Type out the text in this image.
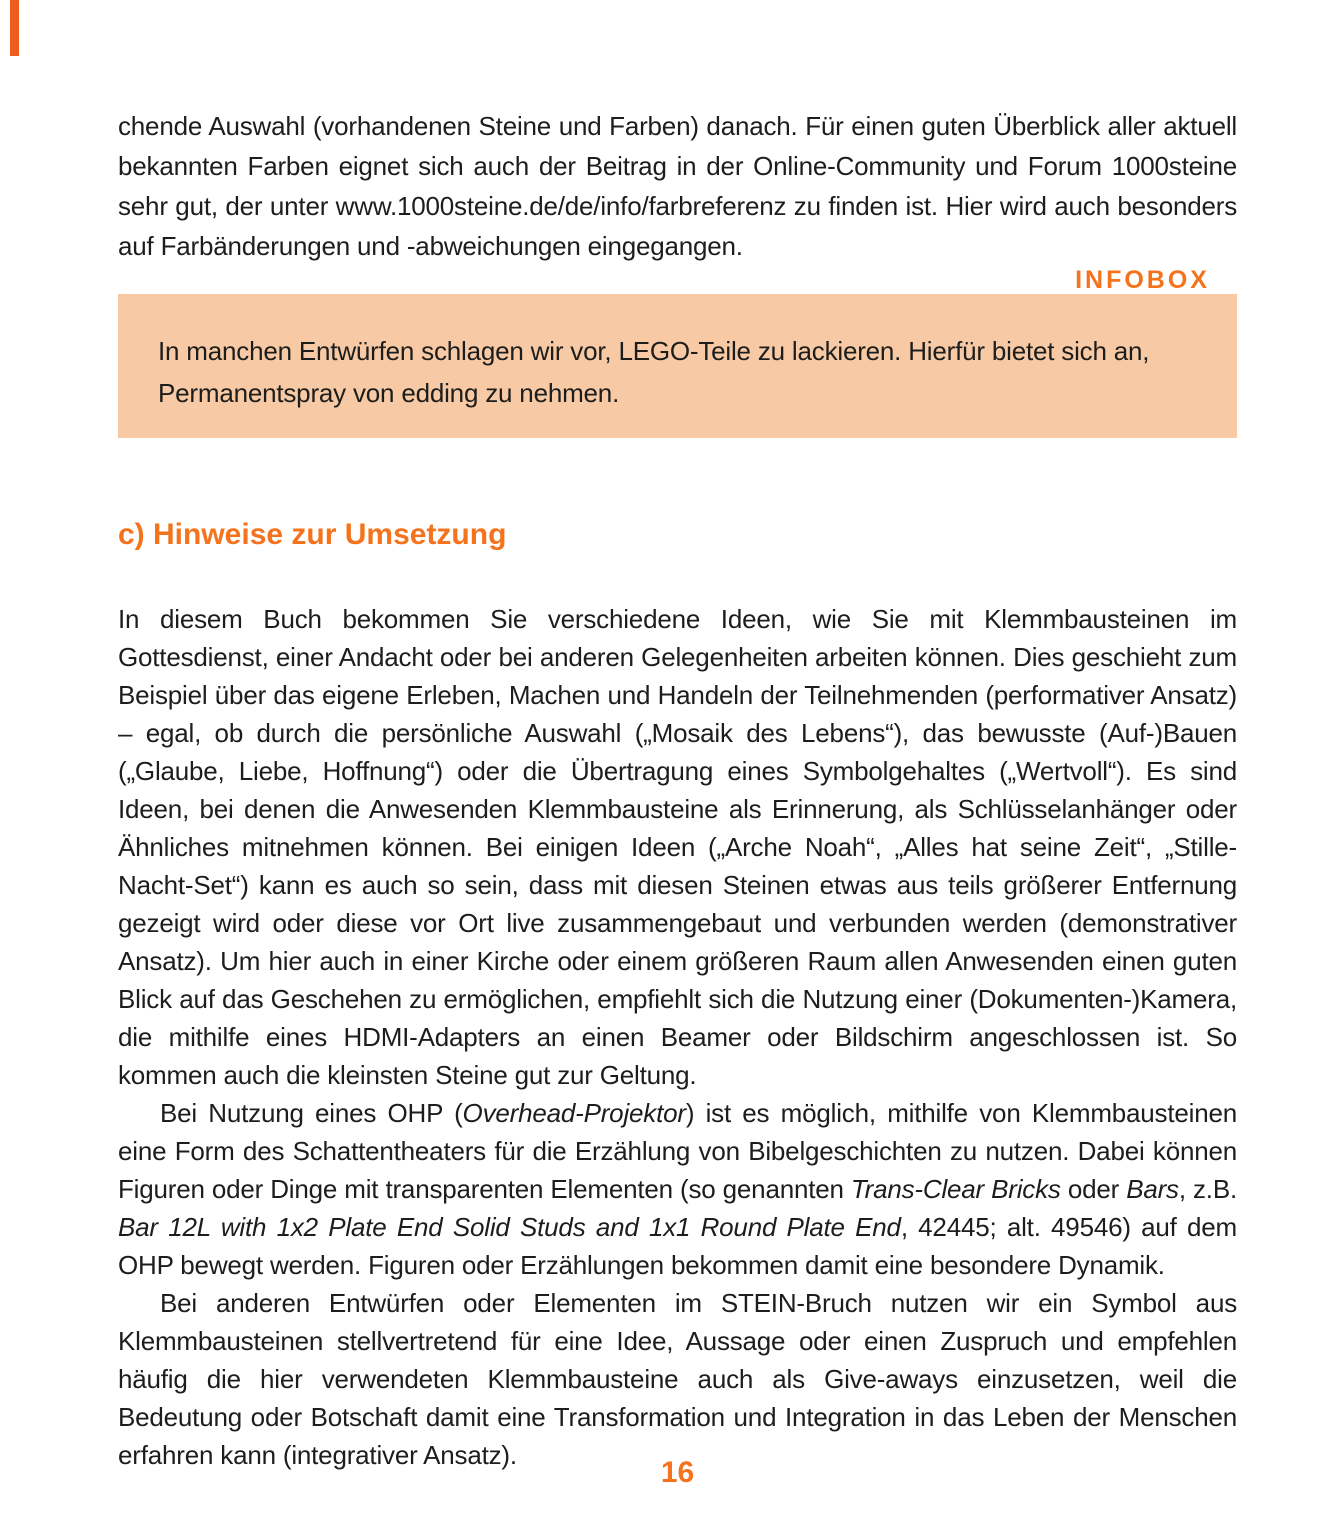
chende Auswahl (vorhandenen Steine und Farben) danach. Für einen guten Überblick aller aktuell bekannten Farben eignet sich auch der Beitrag in der Online-Community und Forum 1000steine sehr gut, der unter www.1000steine.de/de/info/farbreferenz zu finden ist. Hier wird auch besonders auf Farbänderungen und -abweichungen eingegangen.

INFOBOX

In manchen Entwürfen schlagen wir vor, LEGO-Teile zu lackieren. Hierfür bietet sich an, Permanentspray von edding zu nehmen.

c) Hinweise zur Umsetzung

In diesem Buch bekommen Sie verschiedene Ideen, wie Sie mit Klemmbausteinen im Gottesdienst, einer Andacht oder bei anderen Gelegenheiten arbeiten können. Dies geschieht zum Beispiel über das eigene Erleben, Machen und Handeln der Teilnehmenden (performativer Ansatz) – egal, ob durch die persönliche Auswahl („Mosaik des Lebens“), das bewusste (Auf-)Bauen („Glaube, Liebe, Hoffnung“) oder die Übertragung eines Symbolgehaltes („Wertvoll“). Es sind Ideen, bei denen die Anwesenden Klemmbausteine als Erinnerung, als Schlüsselanhänger oder Ähnliches mitnehmen können. Bei einigen Ideen („Arche Noah“, „Alles hat seine Zeit“, „Stille-Nacht-Set“) kann es auch so sein, dass mit diesen Steinen etwas aus teils größerer Entfernung gezeigt wird oder diese vor Ort live zusammengebaut und verbunden werden (demonstrativer Ansatz). Um hier auch in einer Kirche oder einem größeren Raum allen Anwesenden einen guten Blick auf das Geschehen zu ermöglichen, empfiehlt sich die Nutzung einer (Dokumenten-)Kamera, die mithilfe eines HDMI-Adapters an einen Beamer oder Bildschirm angeschlossen ist. So kommen auch die kleinsten Steine gut zur Geltung.

Bei Nutzung eines OHP (Overhead-Projektor) ist es möglich, mithilfe von Klemmbausteinen eine Form des Schattentheaters für die Erzählung von Bibelgeschichten zu nutzen. Dabei können Figuren oder Dinge mit transparenten Elementen (so genannten Trans-Clear Bricks oder Bars, z.B. Bar 12L with 1x2 Plate End Solid Studs and 1x1 Round Plate End, 42445; alt. 49546) auf dem OHP bewegt werden. Figuren oder Erzählungen bekommen damit eine besondere Dynamik.

Bei anderen Entwürfen oder Elementen im STEIN-Bruch nutzen wir ein Symbol aus Klemmbausteinen stellvertretend für eine Idee, Aussage oder einen Zuspruch und empfehlen häufig die hier verwendeten Klemmbausteine auch als Give-aways einzusetzen, weil die Bedeutung oder Botschaft damit eine Transformation und Integration in das Leben der Menschen erfahren kann (integrativer Ansatz).

16
